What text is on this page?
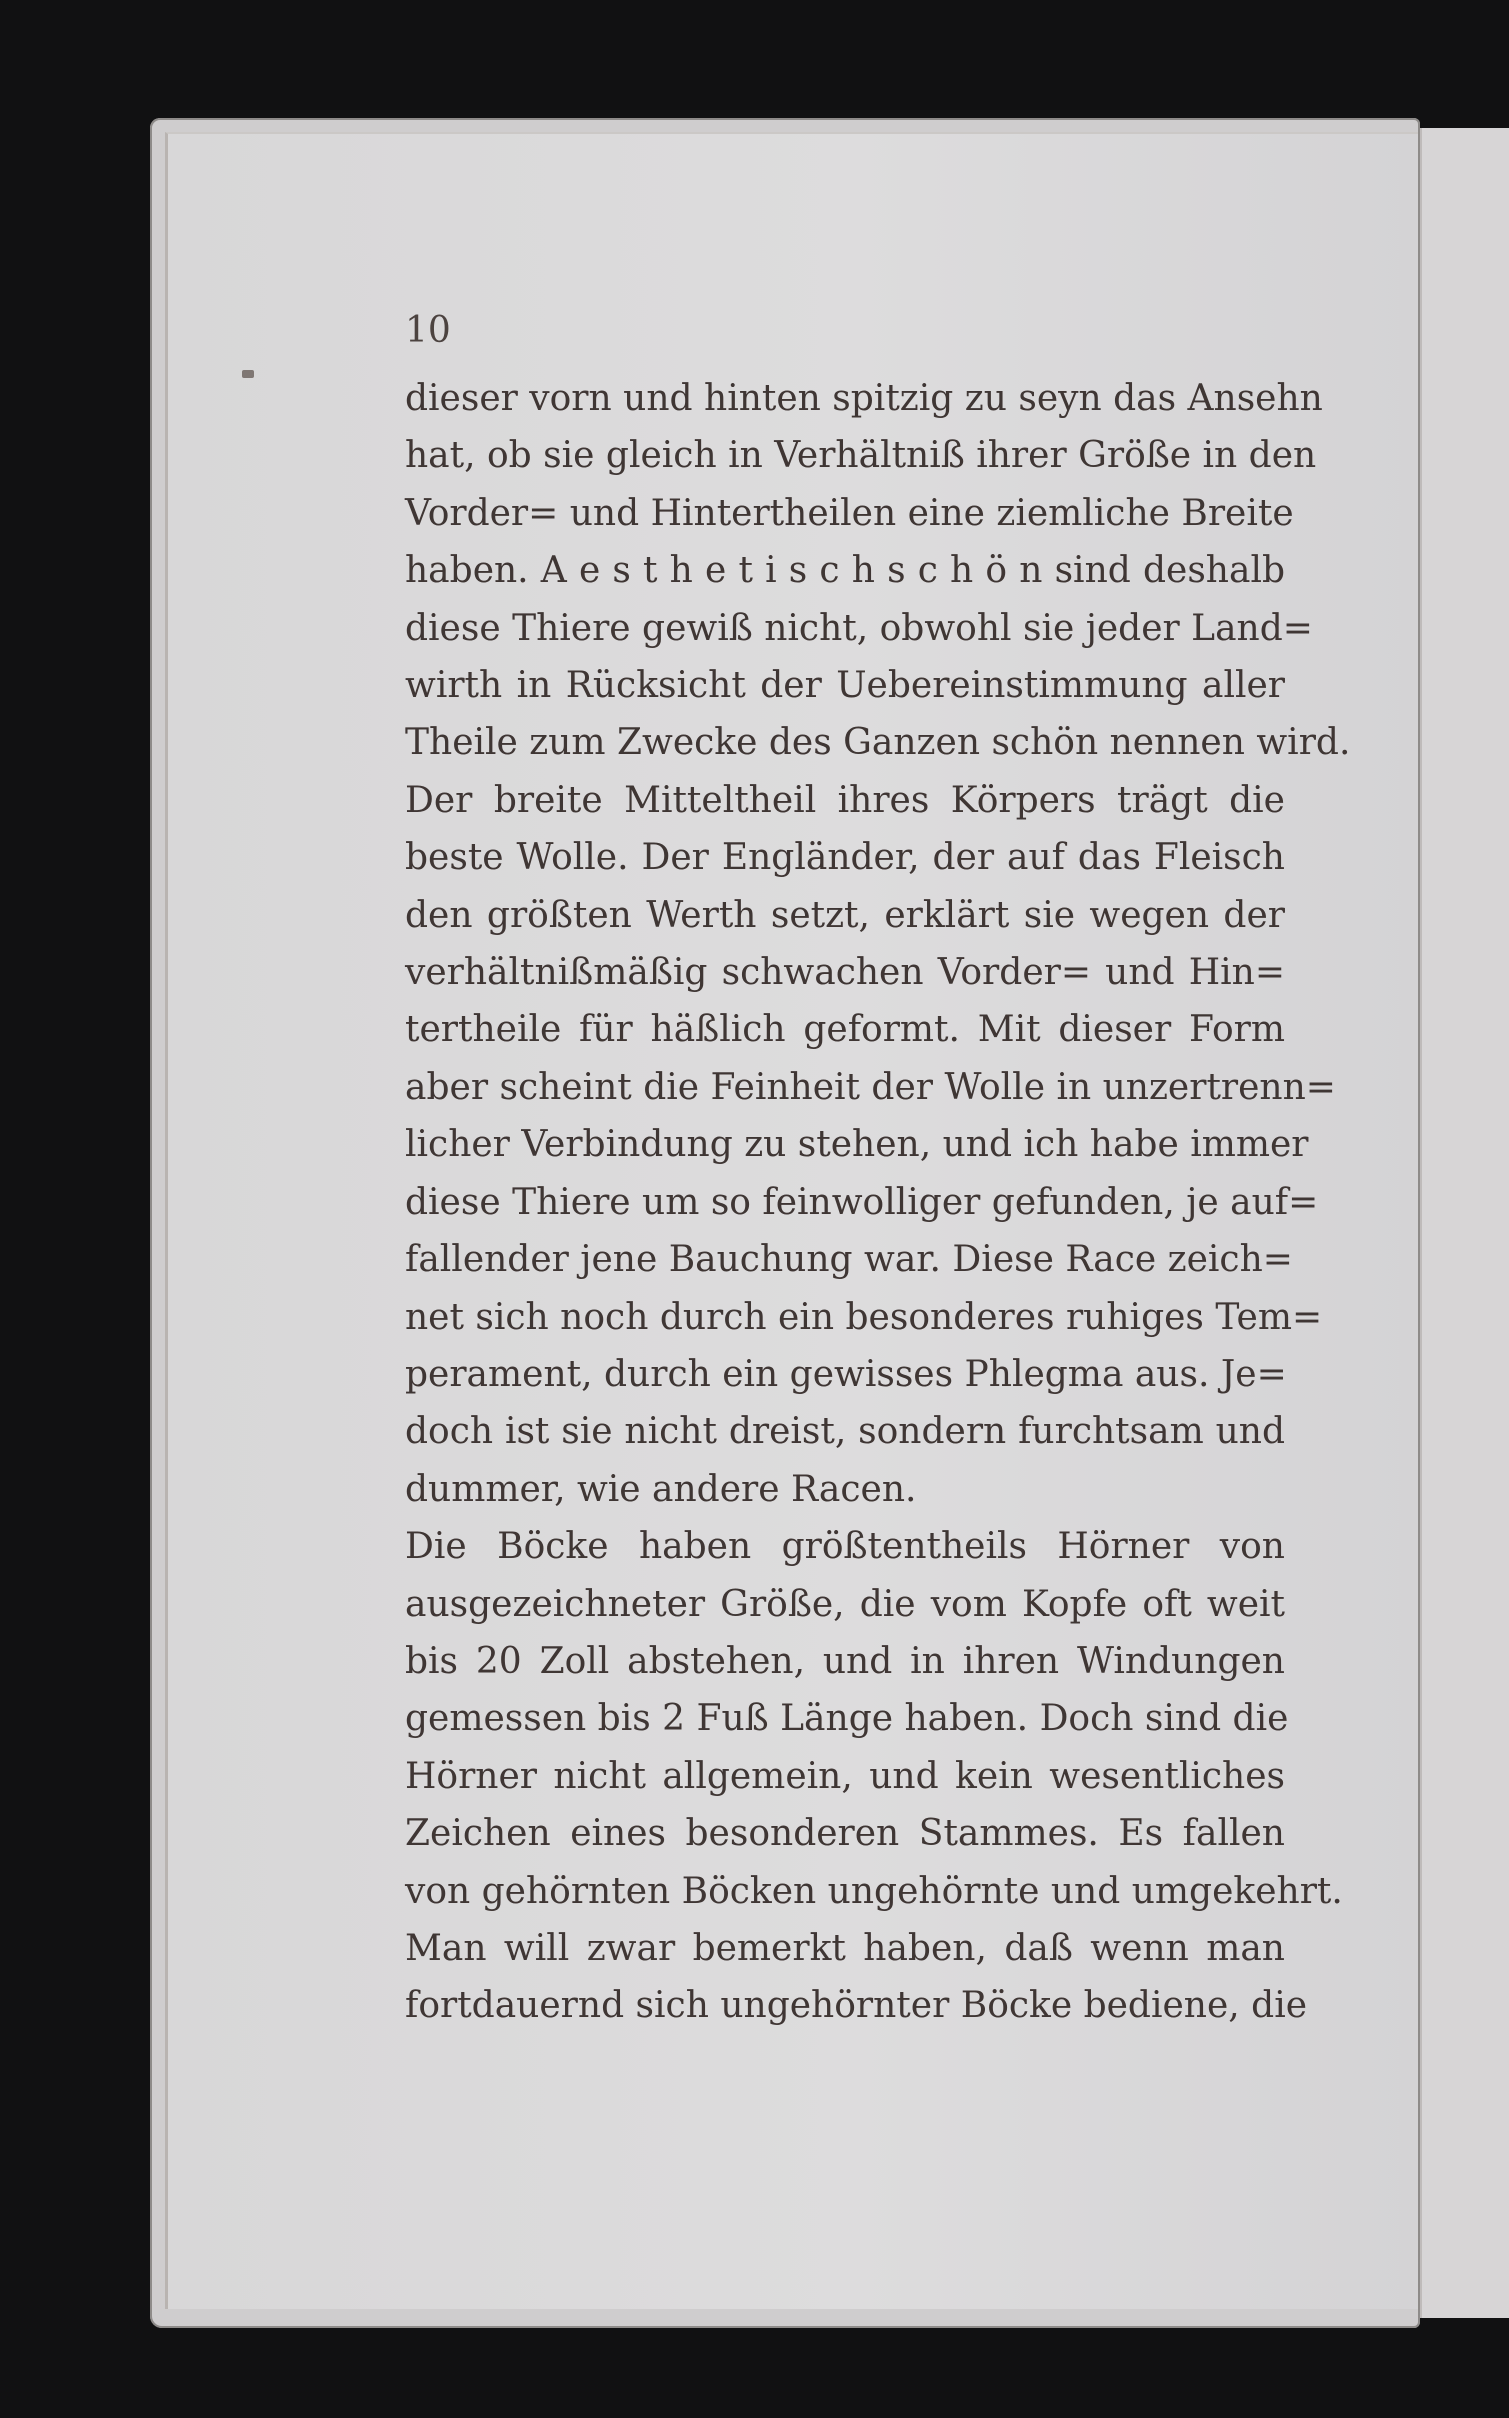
10
dieser vorn und hinten spitzig zu seyn das Ansehn
hat, ob sie gleich in Verhältniß ihrer Größe in den
Vorder= und Hintertheilen eine ziemliche Breite
haben. A e s t h e t i s c h s c h ö n sind deshalb
diese Thiere gewiß nicht, obwohl sie jeder Land=
wirth in Rücksicht der Uebereinstimmung aller
Theile zum Zwecke des Ganzen schön nennen wird.
Der breite Mitteltheil ihres Körpers trägt die
beste Wolle. Der Engländer, der auf das Fleisch
den größten Werth setzt, erklärt sie wegen der
verhältnißmäßig schwachen Vorder= und Hin=
tertheile für häßlich geformt. Mit dieser Form
aber scheint die Feinheit der Wolle in unzertrenn=
licher Verbindung zu stehen, und ich habe immer
diese Thiere um so feinwolliger gefunden, je auf=
fallender jene Bauchung war. Diese Race zeich=
net sich noch durch ein besonderes ruhiges Tem=
perament, durch ein gewisses Phlegma aus. Je=
doch ist sie nicht dreist, sondern furchtsam und
dummer, wie andere Racen.
Die Böcke haben größtentheils Hörner von
ausgezeichneter Größe, die vom Kopfe oft weit
bis 20 Zoll abstehen, und in ihren Windungen
gemessen bis 2 Fuß Länge haben. Doch sind die
Hörner nicht allgemein, und kein wesentliches
Zeichen eines besonderen Stammes. Es fallen
von gehörnten Böcken ungehörnte und umgekehrt.
Man will zwar bemerkt haben, daß wenn man
fortdauernd sich ungehörnter Böcke bediene, die
